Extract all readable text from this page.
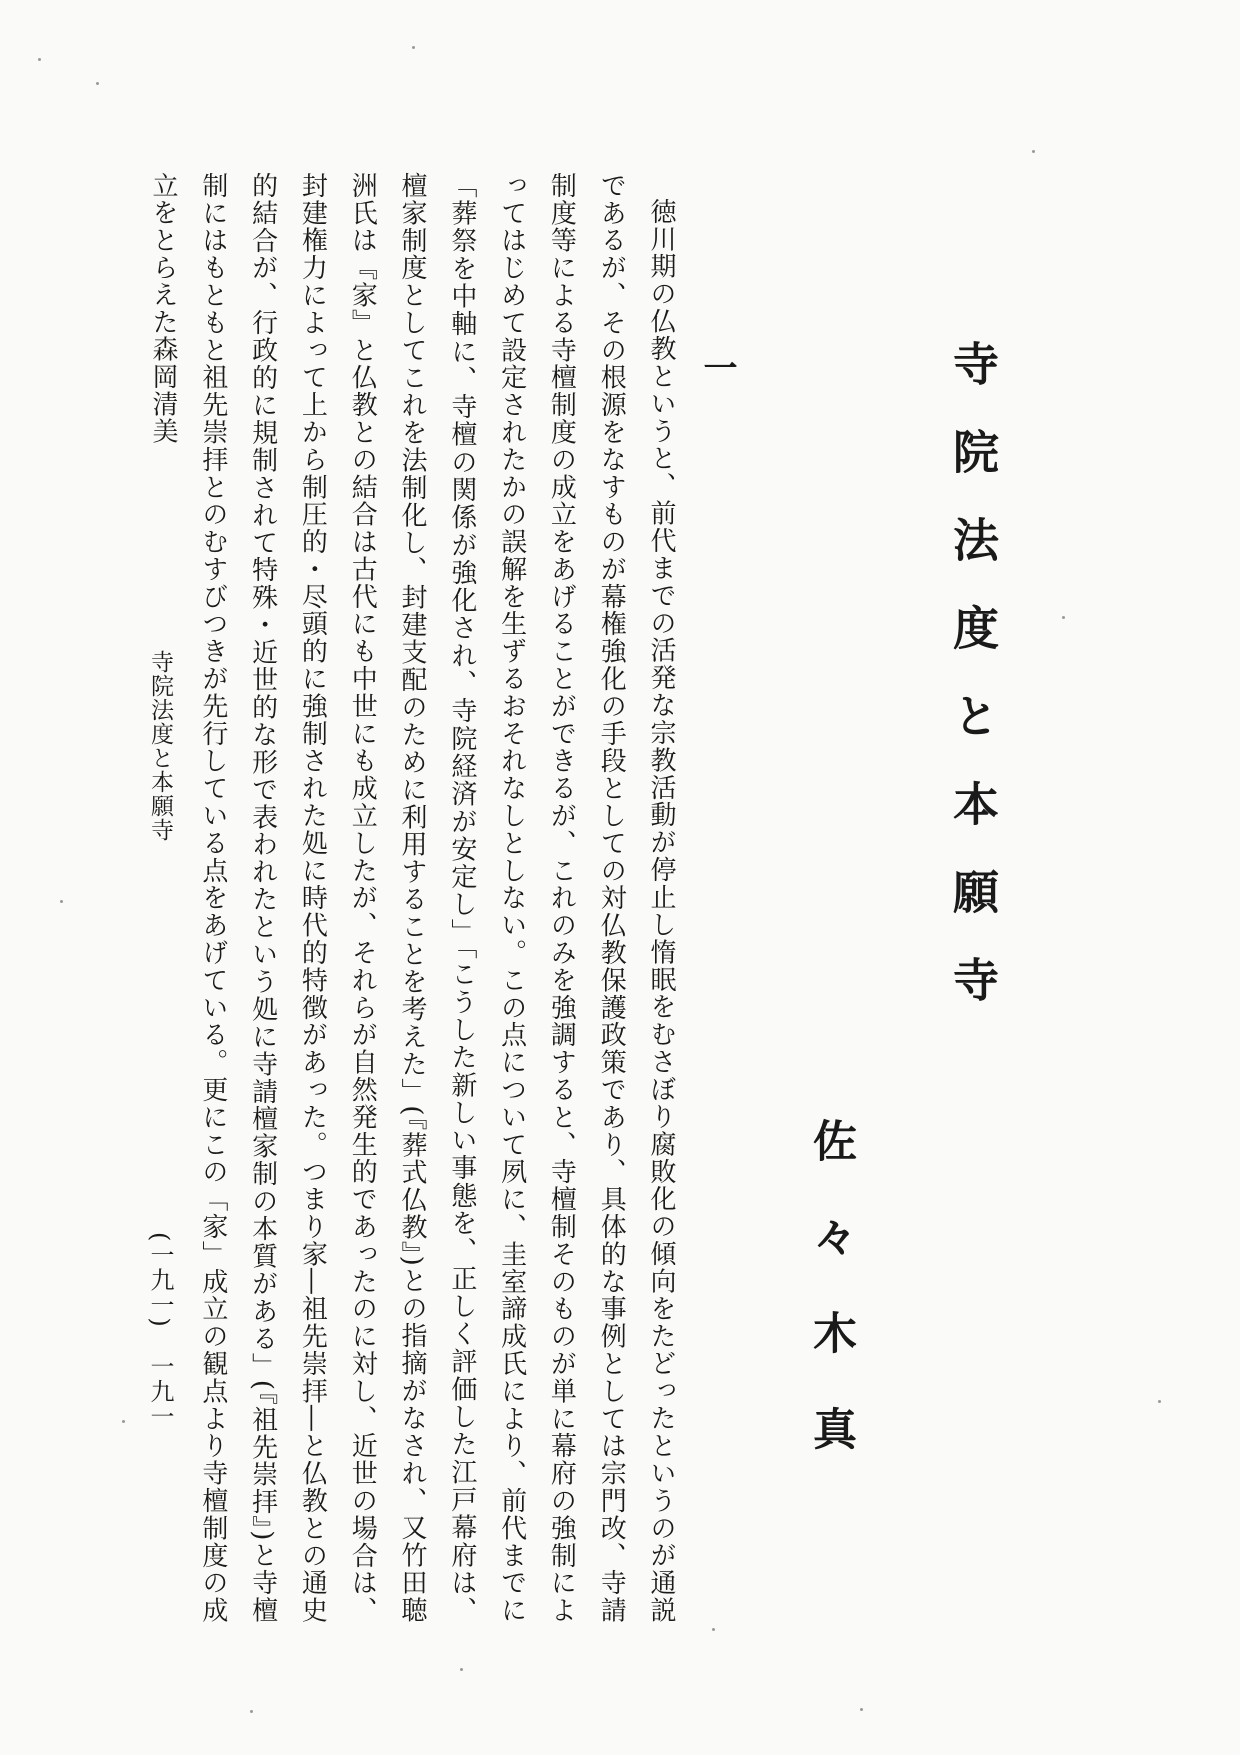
寺院法度と本願寺
佐々木真
一

徳川期の仏教というと、前代までの活発な宗教活動が停止し惰眠をむさぼり腐敗化の傾向をたどったというのが通説であるが、その根源をなすものが幕権強化の手段としての対仏教保護政策であり、具体的な事例としては宗門改、寺請制度等による寺檀制度の成立をあげることができるが、これのみを強調すると、寺檀制そのものが単に幕府の強制によってはじめて設定されたかの誤解を生ずるおそれなしとしない。この点について夙に、圭室諦成氏により、前代までに「葬祭を中軸に、寺檀の関係が強化され、寺院経済が安定し」「こうした新しい事態を、正しく評価した江戸幕府は、檀家制度としてこれを法制化し、封建支配のために利用することを考えた」(『葬式仏教』)との指摘がなされ、又竹田聴洲氏は『家』と仏教との結合は古代にも中世にも成立したが、それらが自然発生的であったのに対し、近世の場合は、封建権力によって上から制圧的・尽頭的に強制された処に時代的特徴があった。つまり家―祖先崇拝―と仏教との通史的結合が、行政的に規制されて特殊・近世的な形で表われたという処に寺請檀家制の本質がある」(『祖先崇拝』)と寺檀制にはもともと祖先崇拝とのむすびつきが先行している点をあげている。更にこの「家」成立の観点より寺檀制度の成立をとらえた森岡清美

寺院法度と本願寺
(一九一)一九一
